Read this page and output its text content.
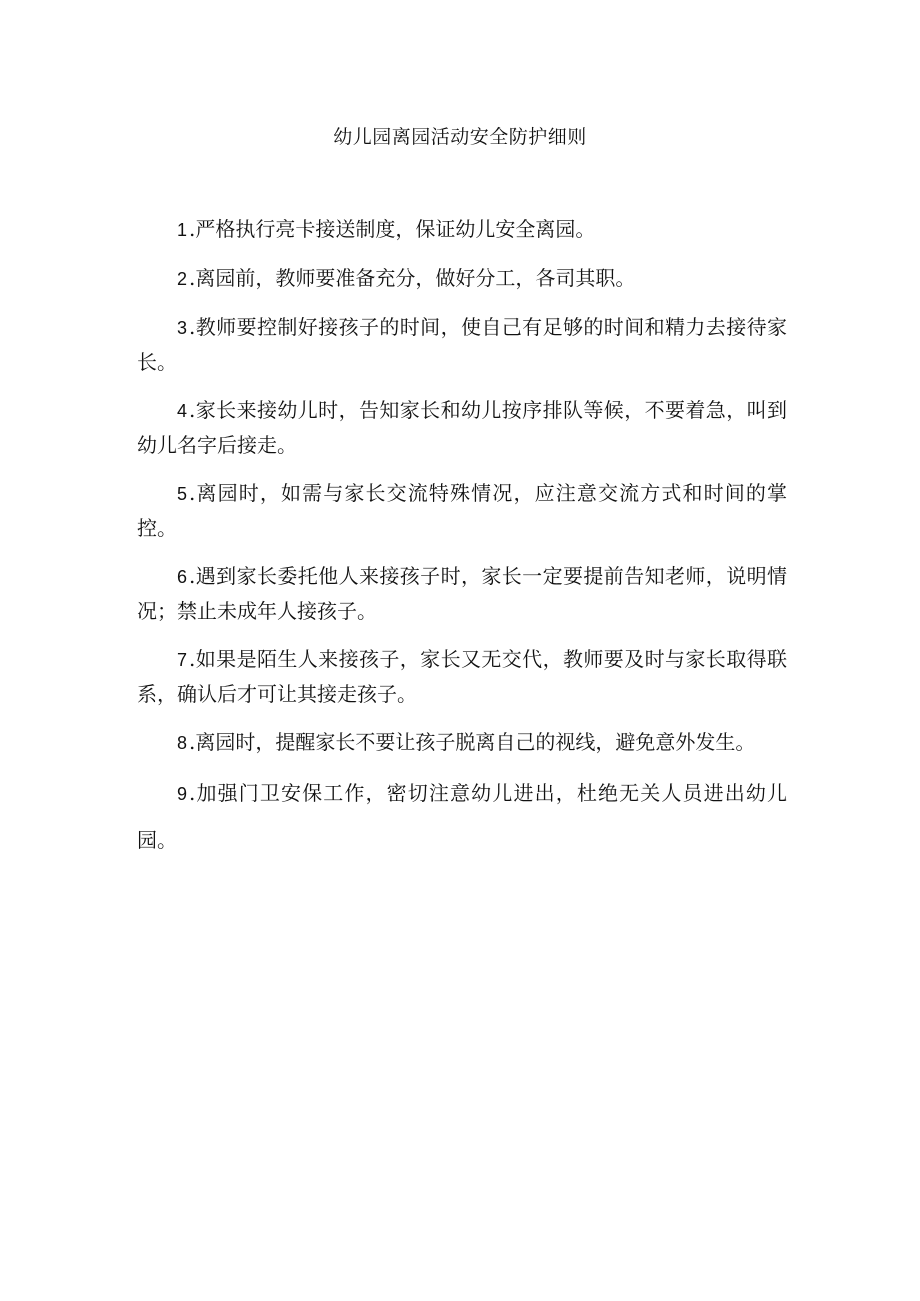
幼儿园离园活动安全防护细则

1 .严格执行亮卡接送制度，保证幼儿安全离园。

2 .离园前，教师要准备充分，做好分工，各司其职。

3 .教师要控制好接孩子的时间，使自己有足够的时间和精力去接待家长。

4 .家长来接幼儿时，告知家长和幼儿按序排队等候，不要着急，叫到幼儿名字后接走。

5 .离园时，如需与家长交流特殊情况，应注意交流方式和时间的掌控。

6 .遇到家长委托他人来接孩子时，家长一定要提前告知老师，说明情况；禁止未成年人接孩子。

7 .如果是陌生人来接孩子，家长又无交代，教师要及时与家长取得联系，确认后才可让其接走孩子。

8 .离园时，提醒家长不要让孩子脱离自己的视线，避免意外发生。

9 .加强门卫安保工作，密切注意幼儿进出，杜绝无关人员进出幼儿园。
